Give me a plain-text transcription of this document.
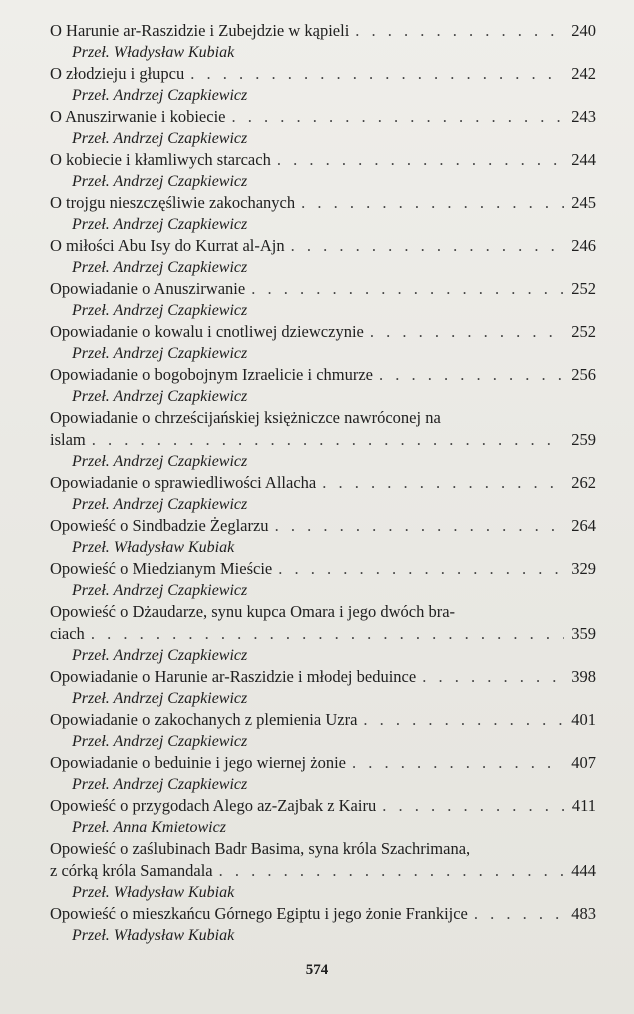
O Harunie ar-Raszidzie i Zubejdzie w kąpieli . . .	240
Przeł. Władysław Kubiak
O złodzieju i głupcu . . .	242
Przeł. Andrzej Czapkiewicz
O Anuszirwanie i kobiecie . . .	243
Przeł. Andrzej Czapkiewicz
O kobiecie i kłamliwych starcach . . .	244
Przeł. Andrzej Czapkiewicz
O trojgu nieszczęśliwie zakochanych . . .	245
Przeł. Andrzej Czapkiewicz
O miłości Abu Isy do Kurrat al-Ajn . . .	246
Przeł. Andrzej Czapkiewicz
Opowiadanie o Anuszirwanie . . .	252
Przeł. Andrzej Czapkiewicz
Opowiadanie o kowalu i cnotliwej dziewczynie . . .	252
Przeł. Andrzej Czapkiewicz
Opowiadanie o bogobojnym Izraelicie i chmurze . . .	256
Przeł. Andrzej Czapkiewicz
Opowiadanie o chrześcijańskiej księżniczce nawróconej na
islam . . .	259
Przeł. Andrzej Czapkiewicz
Opowiadanie o sprawiedliwości Allacha . . .	262
Przeł. Andrzej Czapkiewicz
Opowieść o Sindbadzie Żeglarzu . . .	264
Przeł. Władysław Kubiak
Opowieść o Miedzianym Mieście . . .	329
Przeł. Andrzej Czapkiewicz
Opowieść o Dżaudarze, synu kupca Omara i jego dwóch bra-
ciach . . .	359
Przeł. Andrzej Czapkiewicz
Opowiadanie o Harunie ar-Raszidzie i młodej beduince . . .	398
Przeł. Andrzej Czapkiewicz
Opowiadanie o zakochanych z plemienia Uzra . . .	401
Przeł. Andrzej Czapkiewicz
Opowiadanie o beduinie i jego wiernej żonie . . .	407
Przeł. Andrzej Czapkiewicz
Opowieść o przygodach Alego az-Zajbak z Kairu . . .	411
Przeł. Anna Kmietowicz
Opowieść o zaślubinach Badr Basima, syna króla Szachrimana,
z córką króla Samandala . . .	444
Przeł. Władysław Kubiak
Opowieść o mieszkańcu Górnego Egiptu i jego żonie Frankijce . . .	483
Przeł. Władysław Kubiak
574
